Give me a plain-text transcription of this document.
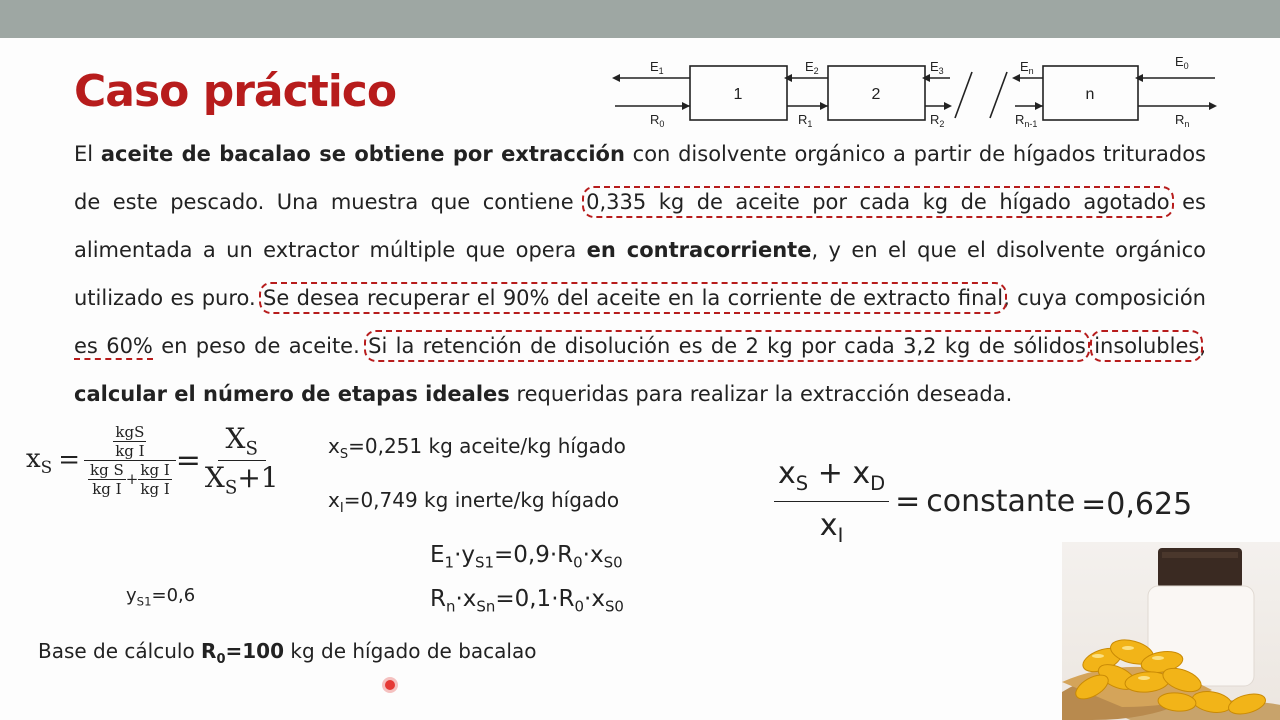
Caso práctico	$E_1$	$E_2$	$E_3$	$E_n$
$E_0$
$R_0$	$R_1$	$R_2$	$R_{n-1}$	$R_n$
1	2	n
El aceite de bacalao se obtiene por extracción con disolvente orgánico a partir de hígados triturados de este pescado. Una muestra que contiene 0,335 kg de aceite por cada kg de hígado agotado es alimentada a un extractor múltiple que opera en contracorriente, y en el que el disolvente orgánico utilizado es puro. Se desea recuperar el 90% del aceite en la corriente de extracto final, cuya composición es 60% en peso de aceite. Si la retención de disolución es de 2 kg por cada 3,2 kg de sólidos insolubles, calcular el número de etapas ideales requeridas para realizar la extracción deseada.
$x_S = \frac{\frac{\text{kgS}}{\text{kg I}}}{\frac{\text{kg S}}{\text{kg I}} + \frac{\text{kg I}}{\text{kg I}}} = \frac{X_S}{X_S+1} x_S=0,251$ kg aceite/kg hígado
$x_I=0,749$ kg inerte/kg hígado	$\frac{x_S + x_D}{x_I}$ = constante =0,625
$E_1\cdot y_{S1}=0,9\cdot R_0\cdot x_{S0}$
$R_n\cdot x_{Sn}=0,1\cdot R_0\cdot x_{S0}$
$y_{S1}=0,6$
Base de cálculo $R_0=100$ kg de hígado de bacalao
